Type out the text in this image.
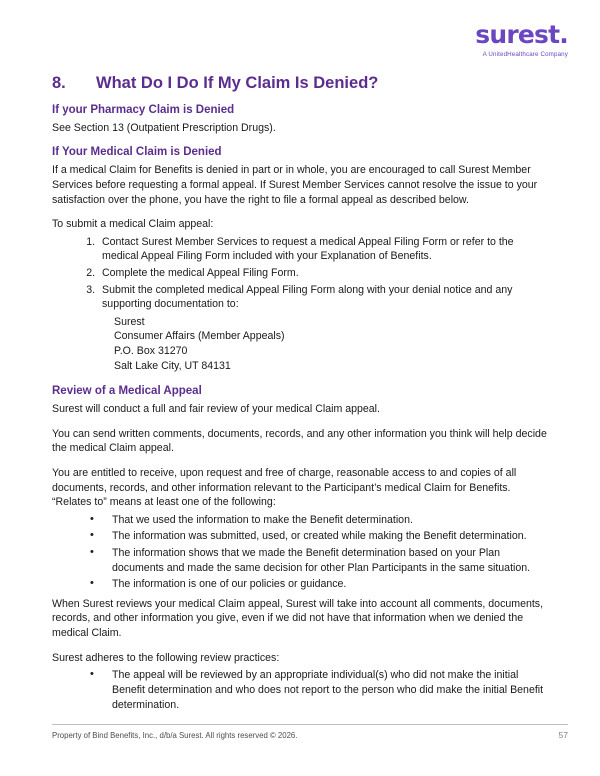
surest.
A UnitedHealthcare Company
8. What Do I Do If My Claim Is Denied?
If your Pharmacy Claim is Denied

See Section 13 (Outpatient Prescription Drugs).

If Your Medical Claim is Denied

If a medical Claim for Benefits is denied in part or in whole, you are encouraged to call Surest Member Services before requesting a formal appeal. If Surest Member Services cannot resolve the issue to your satisfaction over the phone, you have the right to file a formal appeal as described below.

To submit a medical Claim appeal:

1. Contact Surest Member Services to request a medical Appeal Filing Form or refer to the medical Appeal Filing Form included with your Explanation of Benefits.
2. Complete the medical Appeal Filing Form.
3. Submit the completed medical Appeal Filing Form along with your denial notice and any supporting documentation to:
Surest
Consumer Affairs (Member Appeals)
P.O. Box 31270
Salt Lake City, UT 84131
Review of a Medical Appeal

Surest will conduct a full and fair review of your medical Claim appeal.

You can send written comments, documents, records, and any other information you think will help decide the medical Claim appeal.

You are entitled to receive, upon request and free of charge, reasonable access to and copies of all documents, records, and other information relevant to the Participant’s medical Claim for Benefits. “Relates to” means at least one of the following:

• That we used the information to make the Benefit determination.
• The information was submitted, used, or created while making the Benefit determination.
• The information shows that we made the Benefit determination based on your Plan documents and made the same decision for other Plan Participants in the same situation.
• The information is one of our policies or guidance.

When Surest reviews your medical Claim appeal, Surest will take into account all comments, documents, records, and other information you give, even if we did not have that information when we denied the medical Claim.

Surest adheres to the following review practices:

• The appeal will be reviewed by an appropriate individual(s) who did not make the initial Benefit determination and who does not report to the person who did make the initial Benefit determination.
Property of Bind Benefits, Inc., d/b/a Surest. All rights reserved © 2026.	57
